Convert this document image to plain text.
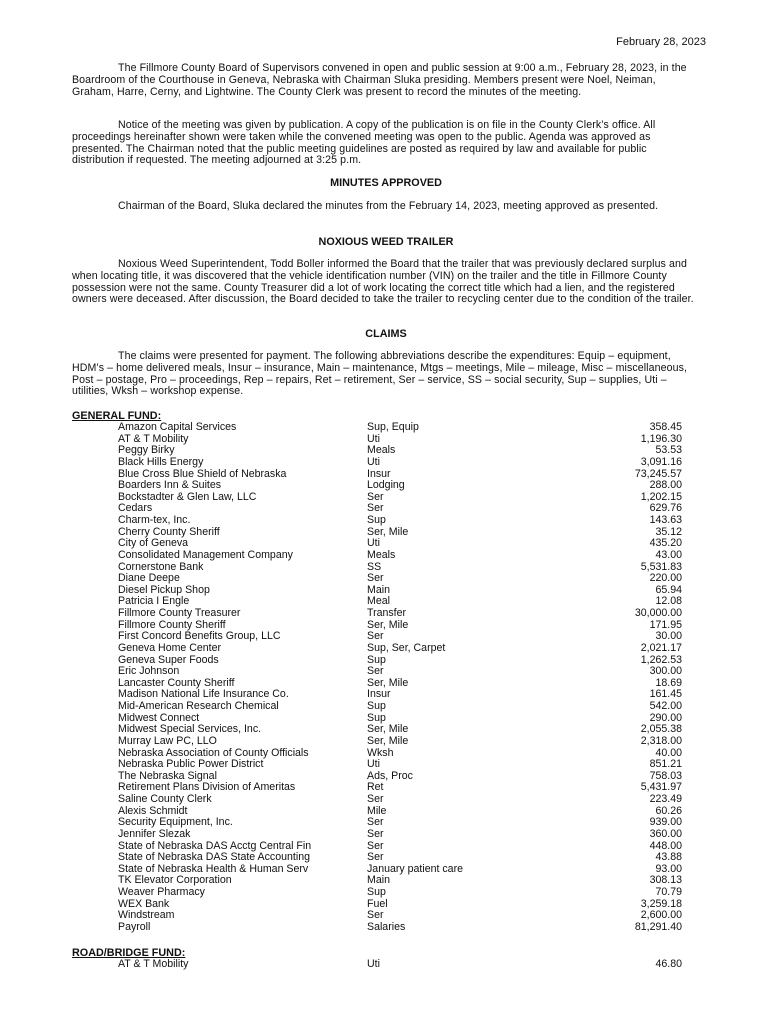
February 28, 2023

The Fillmore County Board of Supervisors convened in open and public session at 9:00 a.m., February 28, 2023, in the Boardroom of the Courthouse in Geneva, Nebraska with Chairman Sluka presiding. Members present were Noel, Neiman, Graham, Harre, Cerny, and Lightwine. The County Clerk was present to record the minutes of the meeting.

Notice of the meeting was given by publication. A copy of the publication is on file in the County Clerk’s office. All proceedings hereinafter shown were taken while the convened meeting was open to the public. Agenda was approved as presented. The Chairman noted that the public meeting guidelines are posted as required by law and available for public distribution if requested. The meeting adjourned at 3:25 p.m.

MINUTES APPROVED

Chairman of the Board, Sluka declared the minutes from the February 14, 2023, meeting approved as presented.

NOXIOUS WEED TRAILER

Noxious Weed Superintendent, Todd Boller informed the Board that the trailer that was previously declared surplus and when locating title, it was discovered that the vehicle identification number (VIN) on the trailer and the title in Fillmore County possession were not the same. County Treasurer did a lot of work locating the correct title which had a lien, and the registered owners were deceased. After discussion, the Board decided to take the trailer to recycling center due to the condition of the trailer.

CLAIMS

The claims were presented for payment. The following abbreviations describe the expenditures: Equip – equipment, HDM’s – home delivered meals, Insur – insurance, Main – maintenance, Mtgs – meetings, Mile – mileage, Misc – miscellaneous, Post – postage, Pro – proceedings, Rep – repairs, Ret – retirement, Ser – service, SS – social security, Sup – supplies, Uti – utilities, Wksh – workshop expense.

GENERAL FUND:
Amazon Capital Services	Sup, Equip	358.45
AT & T Mobility	Uti	1,196.30
Peggy Birky	Meals	53.53
Black Hills Energy	Uti	3,091.16
Blue Cross Blue Shield of Nebraska	Insur	73,245.57
Boarders Inn & Suites	Lodging	288.00
Bockstadter & Glen Law, LLC	Ser	1,202.15
Cedars	Ser	629.76
Charm-tex, Inc.	Sup	143.63
Cherry County Sheriff	Ser, Mile	35.12
City of Geneva	Uti	435.20
Consolidated Management Company	Meals	43.00
Cornerstone Bank	SS	5,531.83
Diane Deepe	Ser	220.00
Diesel Pickup Shop	Main	65.94
Patricia I Engle	Meal	12.08
Fillmore County Treasurer	Transfer	30,000.00
Fillmore County Sheriff	Ser, Mile	171.95
First Concord Benefits Group, LLC	Ser	30.00
Geneva Home Center	Sup, Ser, Carpet	2,021.17
Geneva Super Foods	Sup	1,262.53
Eric Johnson	Ser	300.00
Lancaster County Sheriff	Ser, Mile	18.69
Madison National Life Insurance Co.	Insur	161.45
Mid-American Research Chemical	Sup	542.00
Midwest Connect	Sup	290.00
Midwest Special Services, Inc.	Ser, Mile	2,055.38
Murray Law PC, LLO	Ser, Mile	2,318.00
Nebraska Association of County Officials	Wksh	40.00
Nebraska Public Power District	Uti	851.21
The Nebraska Signal	Ads, Proc	758.03
Retirement Plans Division of Ameritas	Ret	5,431.97
Saline County Clerk	Ser	223.49
Alexis Schmidt	Mile	60.26
Security Equipment, Inc.	Ser	939.00
Jennifer Slezak	Ser	360.00
State of Nebraska DAS Acctg Central Fin	Ser	448.00
State of Nebraska DAS State Accounting	Ser	43.88
State of Nebraska Health & Human Serv	January patient care	93.00
TK Elevator Corporation	Main	308.13
Weaver Pharmacy	Sup	70.79
WEX Bank	Fuel	3,259.18
Windstream	Ser	2,600.00
Payroll	Salaries	81,291.40
ROAD/BRIDGE FUND:
AT & T Mobility	Uti	46.80
